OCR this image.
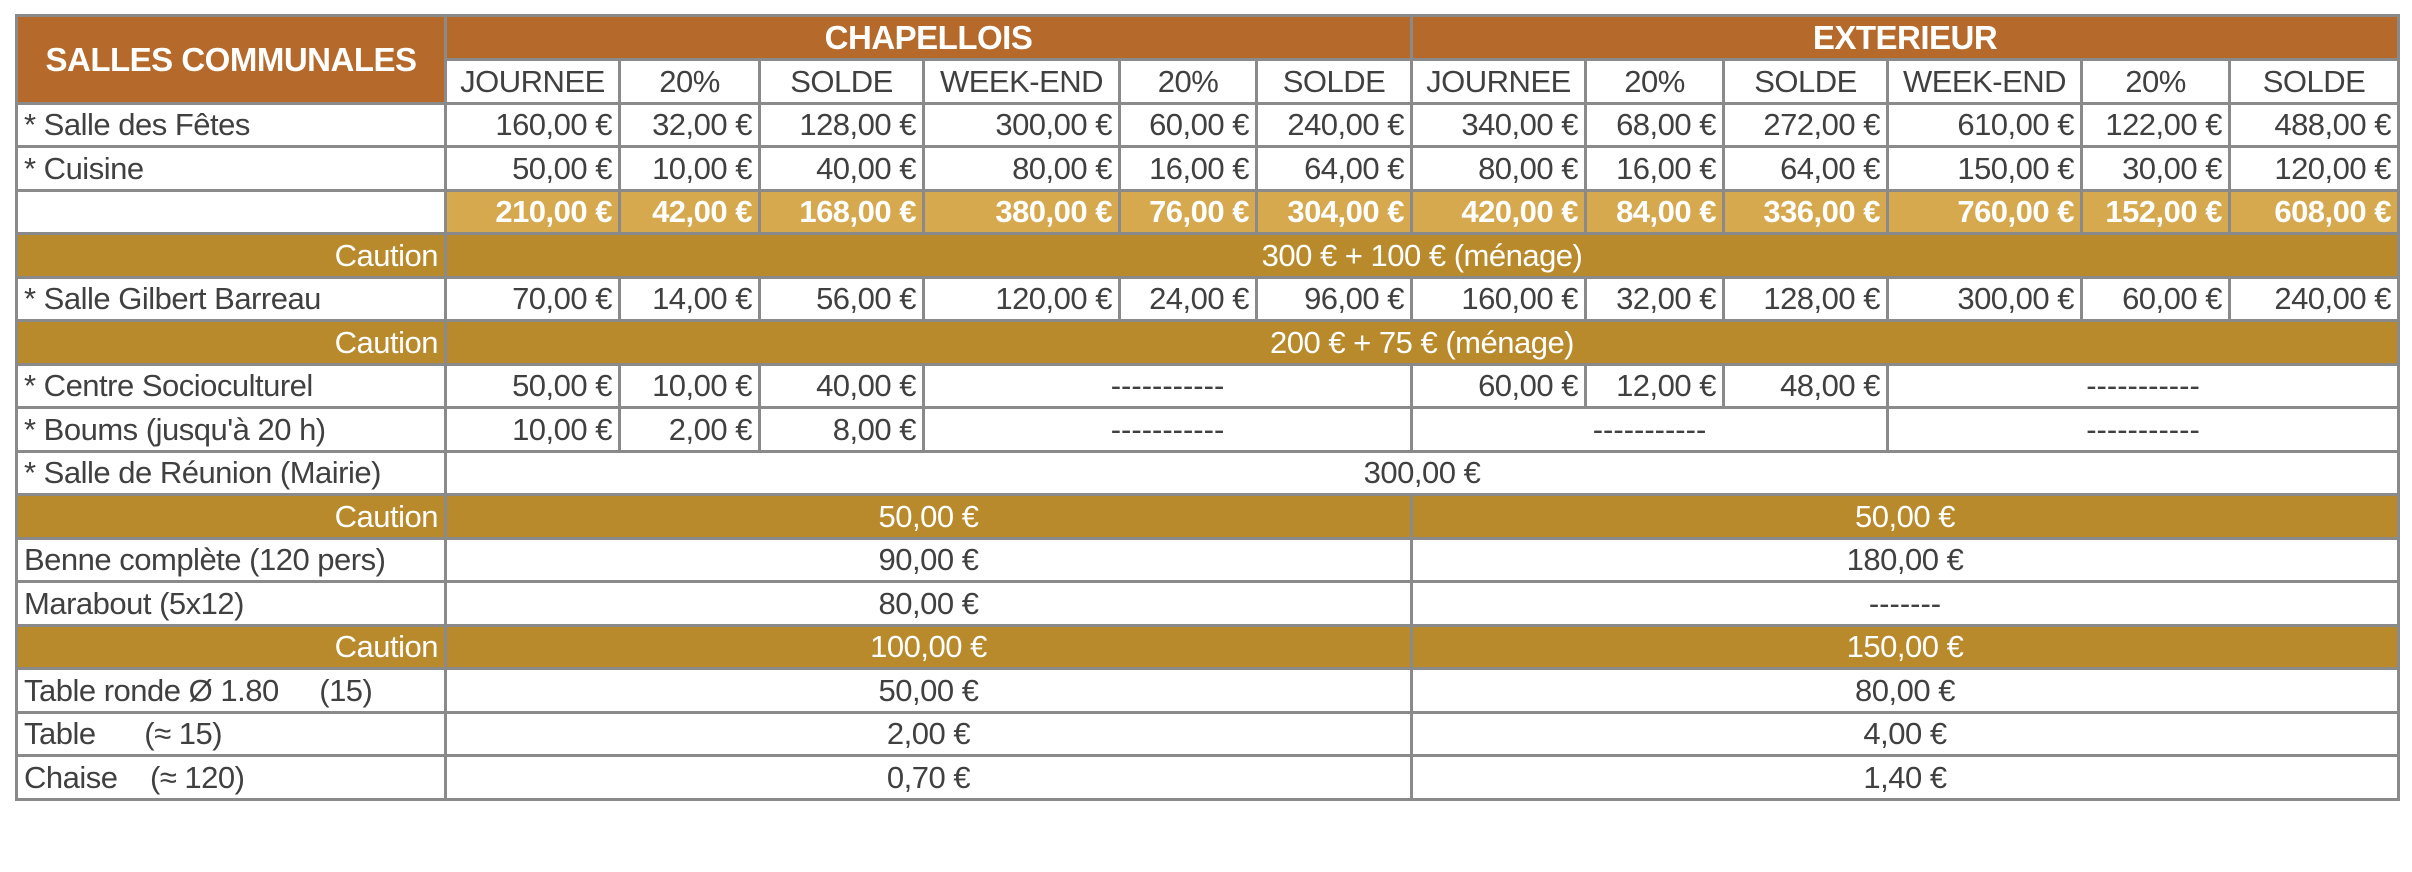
SALLES COMMUNALES	CHAPELLOIS						EXTERIEUR					
	JOURNEE	20%	SOLDE	WEEK-END	20%	SOLDE	JOURNEE	20%	SOLDE	WEEK-END	20%	SOLDE
* Salle des Fêtes	160,00 €	32,00 €	128,00 €	300,00 €	60,00 €	240,00 €	340,00 €	68,00 €	272,00 €	610,00 €	122,00 €	488,00 €
* Cuisine	50,00 €	10,00 €	40,00 €	80,00 €	16,00 €	64,00 €	80,00 €	16,00 €	64,00 €	150,00 €	30,00 €	120,00 €
	210,00 €	42,00 €	168,00 €	380,00 €	76,00 €	304,00 €	420,00 €	84,00 €	336,00 €	760,00 €	152,00 €	608,00 €
Caution	300 € + 100 € (ménage)											
* Salle Gilbert Barreau	70,00 €	14,00 €	56,00 €	120,00 €	24,00 €	96,00 €	160,00 €	32,00 €	128,00 €	300,00 €	60,00 €	240,00 €
Caution	200 € + 75 € (ménage)											
* Centre Socioculturel	50,00 €	10,00 €	40,00 €	-----------			60,00 €	12,00 €	48,00 €	-----------		
* Boums (jusqu'à 20 h)	10,00 €	2,00 €	8,00 €	-----------			-----------			-----------		
* Salle de Réunion (Mairie)	300,00 €											
Caution	50,00 €						50,00 €					
Benne complète (120 pers)	90,00 €						180,00 €					
Marabout (5x12)	80,00 €						-------					
Caution	100,00 €						150,00 €					
Table ronde Ø 1.80     (15)	50,00 €						80,00 €					
Table      (≈ 15)	2,00 €						4,00 €					
Chaise    (≈ 120)	0,70 €						1,40 €					
